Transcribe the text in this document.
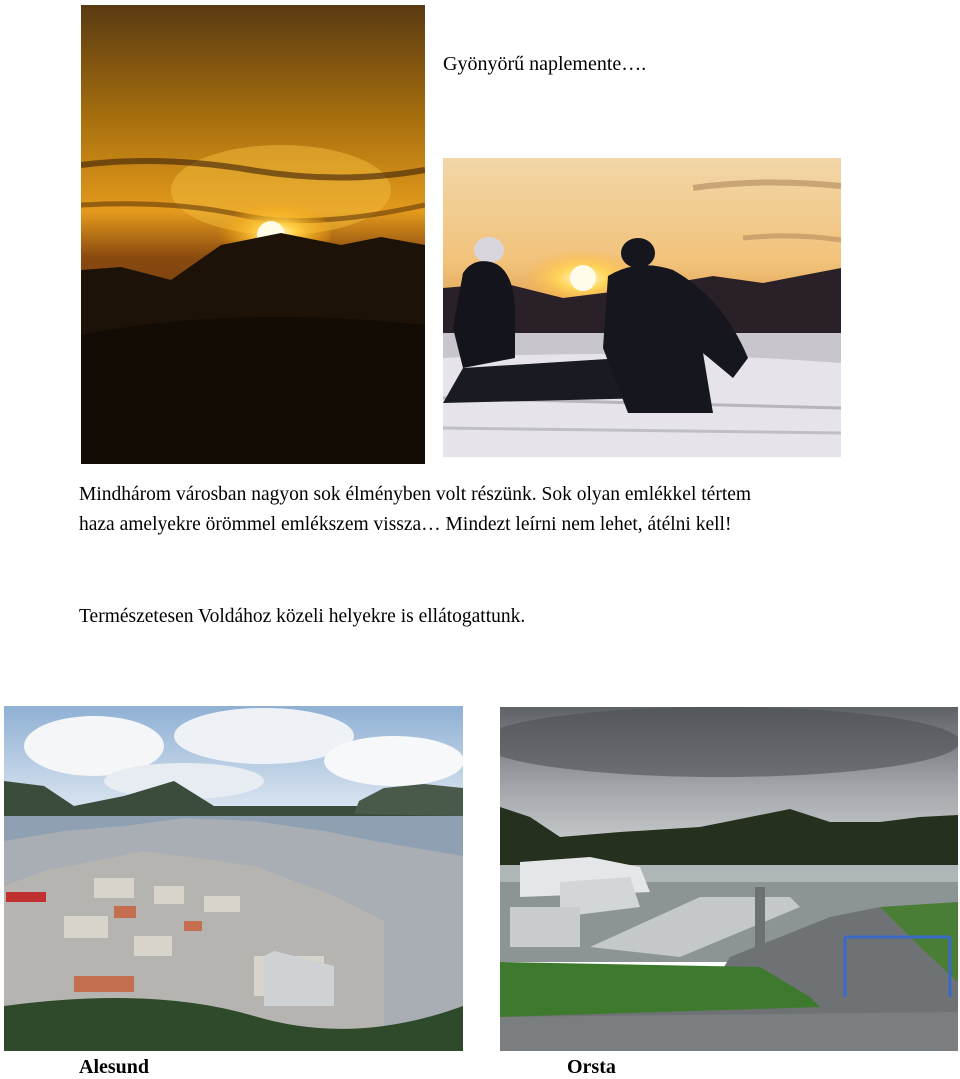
Gyönyörű naplemente….
Mindhárom városban nagyon sok élményben volt részünk. Sok olyan emlékkel tértem
haza amelyekre örömmel emlékszem vissza… Mindezt leírni nem lehet, átélni kell!
Természetesen Voldához közeli helyekre is ellátogattunk.
Alesund	Orsta
